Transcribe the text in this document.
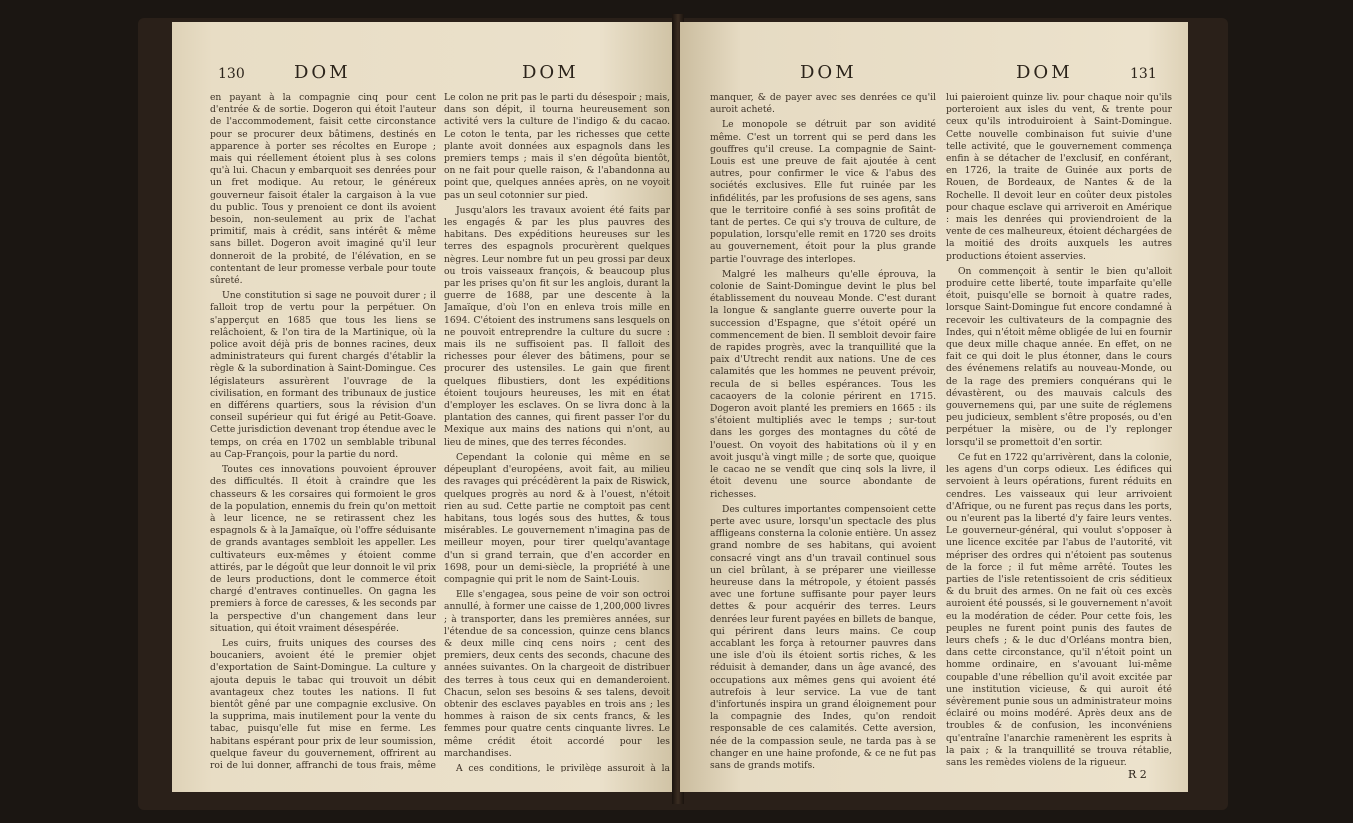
130	DOM	DOM

en payant à la compagnie cinq pour cent d'entrée & de sortie. Dogeron qui étoit l'auteur de l'accommodement, faisit cette circonstance pour se procurer deux bâtimens, destinés en apparence à porter ses récoltes en Europe ; mais qui réellement étoient plus à ses colons qu'à lui. Chacun y embarquoit ses denrées pour un fret modique. Au retour, le généreux gouverneur faisoit étaler la cargaison à la vue du public. Tous y prenoient ce dont ils avoient besoin, non-seulement au prix de l'achat primitif, mais à crédit, sans intérêt & même sans billet. Dogeron avoit imaginé qu'il leur donneroit de la probité, de l'élévation, en se contentant de leur promesse verbale pour toute sûreté.

Une constitution si sage ne pouvoit durer ; il falloit trop de vertu pour la perpétuer. On s'apperçut en 1685 que tous les liens se relâchoient, & l'on tira de la Martinique, où la police avoit déjà pris de bonnes racines, deux administrateurs qui furent chargés d'établir la règle & la subordination à Saint-Domingue. Ces législateurs assurèrent l'ouvrage de la civilisation, en formant des tribunaux de justice en différens quartiers, sous la révision d'un conseil supérieur qui fut érigé au Petit-Goave. Cette jurisdiction devenant trop étendue avec le temps, on créa en 1702 un semblable tribunal au Cap-François, pour la partie du nord.

Toutes ces innovations pouvoient éprouver des difficultés. Il étoit à craindre que les chasseurs & les corsaires qui formoient le gros de la population, ennemis du frein qu'on mettoit à leur licence, ne se retirassent chez les espagnols & à la Jamaïque, où l'offre séduisante de grands avantages sembloit les appeller. Les cultivateurs eux-mêmes y étoient comme attirés, par le dégoût que leur donnoit le vil prix de leurs productions, dont le commerce étoit chargé d'entraves continuelles. On gagna les premiers à force de caresses, & les seconds par la perspective d'un changement dans leur situation, qui étoit vraiment désespérée.

Les cuirs, fruits uniques des courses des boucaniers, avoient été le premier objet d'exportation de Saint-Domingue. La culture y ajouta depuis le tabac qui trouvoit un débit avantageux chez toutes les nations. Il fut bientôt gêné par une compagnie exclusive. On la supprima, mais inutilement pour la vente du tabac, puisqu'elle fut mise en ferme. Les habitans espérant pour prix de leur soumission, quelque faveur du gouvernement, offrirent au roi de lui donner, affranchi de tous frais, même

Le colon ne prit pas le parti du désespoir ; mais, dans son dépit, il tourna heureusement son activité vers la culture de l'indigo & du cacao. Le coton le tenta, par les richesses que cette plante avoit données aux espagnols dans les premiers temps ; mais il s'en dégoûta bientôt, on ne fait pour quelle raison, & l'abandonna au point que, quelques années après, on ne voyoit pas un seul cotonnier sur pied.

Jusqu'alors les travaux avoient été faits par les engagés & par les plus pauvres des habitans. Des expéditions heureuses sur les terres des espagnols procurèrent quelques nègres. Leur nombre fut un peu grossi par deux ou trois vaisseaux françois, & beaucoup plus par les prises qu'on fit sur les anglois, durant la guerre de 1688, par une descente à la Jamaïque, d'où l'on en enleva trois mille en 1694. C'étoient des instrumens sans lesquels on ne pouvoit entreprendre la culture du sucre : mais ils ne suffisoient pas. Il falloit des richesses pour élever des bâtimens, pour se procurer des ustensiles. Le gain que firent quelques flibustiers, dont les expéditions étoient toujours heureuses, les mit en état d'employer les esclaves. On se livra donc à la plantation des cannes, qui firent passer l'or du Mexique aux mains des nations qui n'ont, au lieu de mines, que des terres fécondes.

Cependant la colonie qui même en se dépeuplant d'européens, avoit fait, au milieu des ravages qui précédèrent la paix de Riswick, quelques progrès au nord & à l'ouest, n'étoit rien au sud. Cette partie ne comptoit pas cent habitans, tous logés sous des huttes, & tous misérables. Le gouvernement n'imagina pas de meilleur moyen, pour tirer quelqu'avantage d'un si grand terrain, que d'en accorder en 1698, pour un demi-siècle, la propriété à une compagnie qui prit le nom de Saint-Louis.

Elle s'engagea, sous peine de voir son octroi annullé, à former une caisse de 1,200,000 livres ; à transporter, dans les premières années, sur l'étendue de sa concession, quinze cens blancs & deux mille cinq cens noirs ; cent des premiers, deux cents des seconds, chacune des années suivantes. On la chargeoit de distribuer des terres à tous ceux qui en demanderoient. Chacun, selon ses besoins & ses talens, devoit obtenir des esclaves payables en trois ans ; les hommes à raison de six cents francs, & les femmes pour quatre cents cinquante livres. Le même crédit étoit accordé pour les marchandises.

A ces conditions, le privilège assuroit à la

DOM	DOM	131

manquer, & de payer avec ses denrées ce qu'il auroit acheté.

Le monopole se détruit par son avidité même. C'est un torrent qui se perd dans les gouffres qu'il creuse. La compagnie de Saint-Louis est une preuve de fait ajoutée à cent autres, pour confirmer le vice & l'abus des sociétés exclusives. Elle fut ruinée par les infidélités, par les profusions de ses agens, sans que le territoire confié à ses soins profitât de tant de pertes. Ce qui s'y trouva de culture, de population, lorsqu'elle remit en 1720 ses droits au gouvernement, étoit pour la plus grande partie l'ouvrage des interlopes.

Malgré les malheurs qu'elle éprouva, la colonie de Saint-Domingue devint le plus bel établissement du nouveau Monde. C'est durant la longue & sanglante guerre ouverte pour la succession d'Espagne, que s'étoit opéré un commencement de bien. Il sembloit devoir faire de rapides progrès, avec la tranquillité que la paix d'Utrecht rendit aux nations. Une de ces calamités que les hommes ne peuvent prévoir, recula de si belles espérances. Tous les cacaoyers de la colonie périrent en 1715. Dogeron avoit planté les premiers en 1665 : ils s'étoient multipliés avec le temps ; sur-tout dans les gorges des montagnes du côté de l'ouest. On voyoit des habitations où il y en avoit jusqu'à vingt mille ; de sorte que, quoique le cacao ne se vendît que cinq sols la livre, il étoit devenu une source abondante de richesses.

Des cultures importantes compensoient cette perte avec usure, lorsqu'un spectacle des plus affligeans consterna la colonie entière. Un assez grand nombre de ses habitans, qui avoient consacré vingt ans d'un travail continuel sous un ciel brûlant, à se préparer une vieillesse heureuse dans la métropole, y étoient passés avec une fortune suffisante pour payer leurs dettes & pour acquérir des terres. Leurs denrées leur furent payées en billets de banque, qui périrent dans leurs mains. Ce coup accablant les força à retourner pauvres dans une isle d'où ils étoient sortis riches, & les réduisit à demander, dans un âge avancé, des occupations aux mêmes gens qui avoient été autrefois à leur service. La vue de tant d'infortunés inspira un grand éloignement pour la compagnie des Indes, qu'on rendoit responsable de ces calamités. Cette aversion, née de la compassion seule, ne tarda pas à se changer en une haine profonde, & ce ne fut pas sans de grands motifs.

lui paieroient quinze liv. pour chaque noir qu'ils porteroient aux isles du vent, & trente pour ceux qu'ils introduiroient à Saint-Domingue. Cette nouvelle combinaison fut suivie d'une telle activité, que le gouvernement commença enfin à se détacher de l'exclusif, en conférant, en 1726, la traite de Guinée aux ports de Rouen, de Bordeaux, de Nantes & de la Rochelle. Il devoit leur en coûter deux pistoles pour chaque esclave qui arriveroit en Amérique : mais les denrées qui proviendroient de la vente de ces malheureux, étoient déchargées de la moitié des droits auxquels les autres productions étoient asservies.

On commençoit à sentir le bien qu'alloit produire cette liberté, toute imparfaite qu'elle étoit, puisqu'elle se bornoit à quatre rades, lorsque Saint-Domingue fut encore condamné à recevoir les cultivateurs de la compagnie des Indes, qui n'étoit même obligée de lui en fournir que deux mille chaque année. En effet, on ne fait ce qui doit le plus étonner, dans le cours des événemens relatifs au nouveau-Monde, ou de la rage des premiers conquérans qui le dévastèrent, ou des mauvais calculs des gouvernemens qui, par une suite de réglemens peu judicieux, semblent s'être proposés, ou d'en perpétuer la misère, ou de l'y replonger lorsqu'il se promettoit d'en sortir.

Ce fut en 1722 qu'arrivèrent, dans la colonie, les agens d'un corps odieux. Les édifices qui servoient à leurs opérations, furent réduits en cendres. Les vaisseaux qui leur arrivoient d'Afrique, ou ne furent pas reçus dans les ports, ou n'eurent pas la liberté d'y faire leurs ventes. Le gouverneur-général, qui voulut s'opposer à une licence excitée par l'abus de l'autorité, vit mépriser des ordres qui n'étoient pas soutenus de la force ; il fut même arrêté. Toutes les parties de l'isle retentissoient de cris séditieux & du bruit des armes. On ne fait où ces excès auroient été poussés, si le gouvernement n'avoit eu la modération de céder. Pour cette fois, les peuples ne furent point punis des fautes de leurs chefs ; & le duc d'Orléans montra bien, dans cette circonstance, qu'il n'étoit point un homme ordinaire, en s'avouant lui-même coupable d'une rébellion qu'il avoit excitée par une institution vicieuse, & qui auroit été sévèrement punie sous un administrateur moins éclairé ou moins modéré. Après deux ans de troubles & de confusion, les inconvéniens qu'entraîne l'anarchie ramenèrent les esprits à la paix ; & la tranquillité se trouva rétablie, sans les remèdes violens de la rigueur.

R 2
